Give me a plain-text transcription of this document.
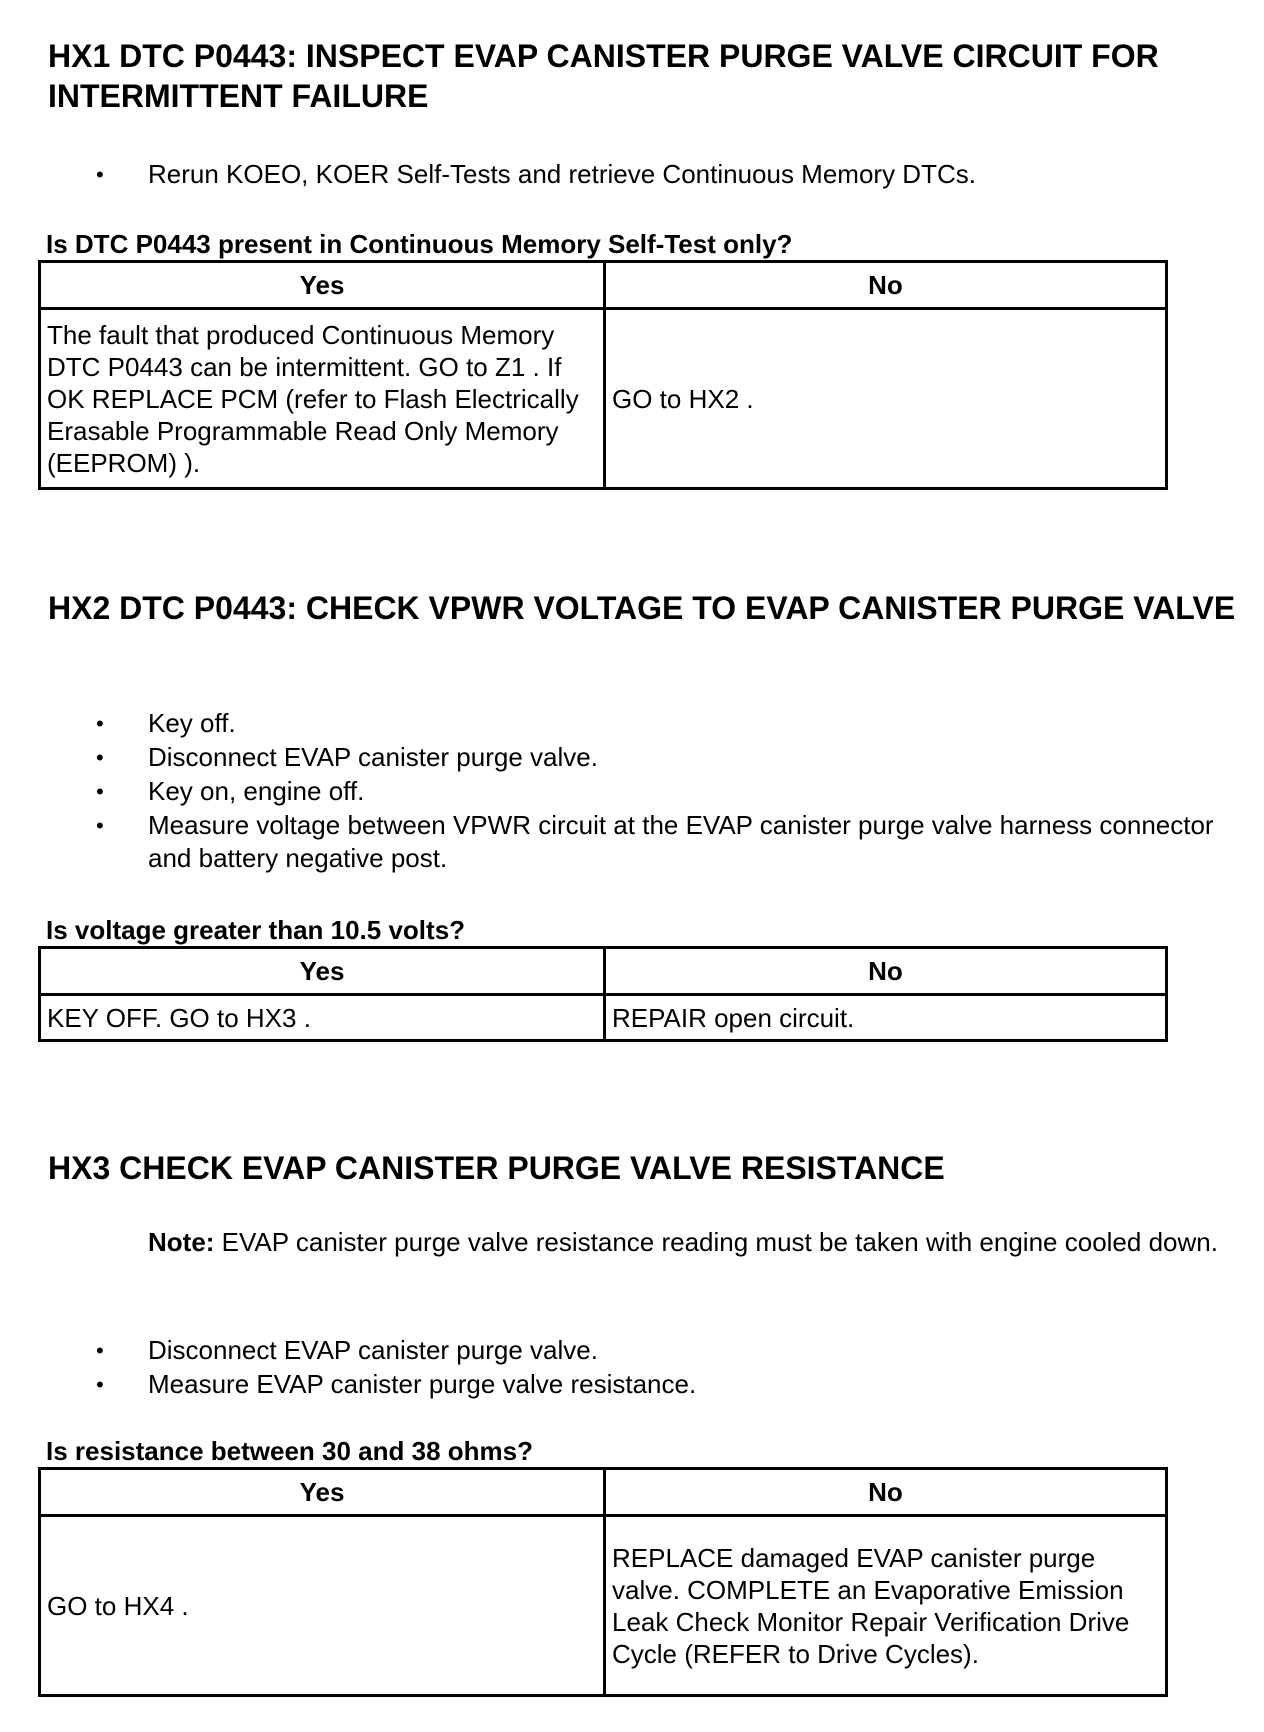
HX1 DTC P0443: INSPECT EVAP CANISTER PURGE VALVE CIRCUIT FOR INTERMITTENT FAILURE
• Rerun KOEO, KOER Self-Tests and retrieve Continuous Memory DTCs.

Is DTC P0443 present in Continuous Memory Self-Test only?

Yes	No
The fault that produced Continuous Memory DTC P0443 can be intermittent. GO to Z1 . If OK REPLACE PCM (refer to Flash Electrically Erasable Programmable Read Only Memory (EEPROM) ).	GO to HX2 .
HX2 DTC P0443: CHECK VPWR VOLTAGE TO EVAP CANISTER PURGE VALVE
• Key off.
• Disconnect EVAP canister purge valve.
• Key on, engine off.
• Measure voltage between VPWR circuit at the EVAP canister purge valve harness connector and battery negative post.

Is voltage greater than 10.5 volts?

Yes	No
KEY OFF. GO to HX3 .	REPAIR open circuit.
HX3 CHECK EVAP CANISTER PURGE VALVE RESISTANCE

Note: EVAP canister purge valve resistance reading must be taken with engine cooled down.

• Disconnect EVAP canister purge valve.
• Measure EVAP canister purge valve resistance.

Is resistance between 30 and 38 ohms?

Yes	No
GO to HX4 .	REPLACE damaged EVAP canister purge valve. COMPLETE an Evaporative Emission Leak Check Monitor Repair Verification Drive Cycle (REFER to Drive Cycles).
